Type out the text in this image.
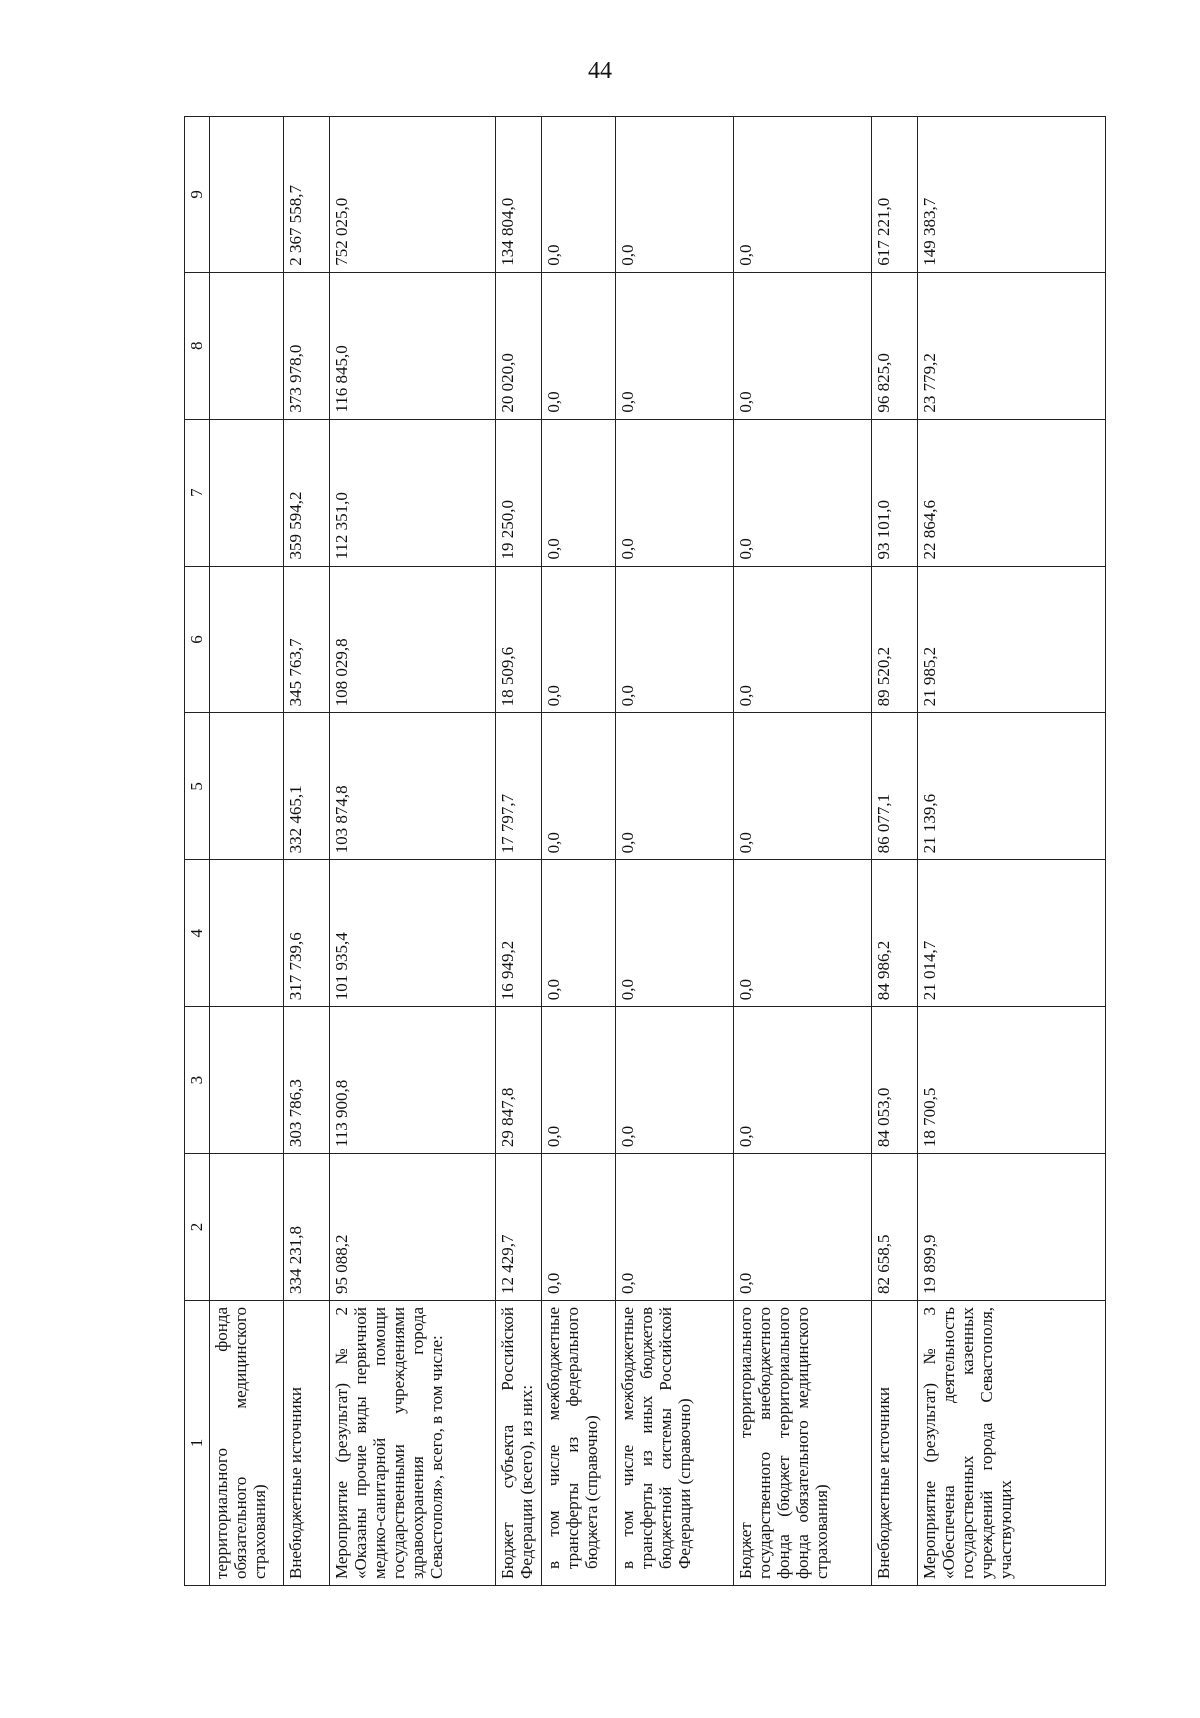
44
1	2	3	4	5	6	7	8	9
территориального фонда обязательного медицинского страхования)								
Внебюджетные источники	334 231,8	303 786,3	317 739,6	332 465,1	345 763,7	359 594,2	373 978,0	2 367 558,7
Мероприятие (результат) № 2 «Оказаны прочие виды первичной медико-санитарной помощи государственными учреждениями здравоохранения города Севастополя», всего, в том числе:	95 088,2	113 900,8	101 935,4	103 874,8	108 029,8	112 351,0	116 845,0	752 025,0
Бюджет субъекта Российской Федерации (всего), из них:	12 429,7	29 847,8	16 949,2	17 797,7	18 509,6	19 250,0	20 020,0	134 804,0
в том числе межбюджетные трансферты из федерального бюджета (справочно)	0,0	0,0	0,0	0,0	0,0	0,0	0,0	0,0
в том числе межбюджетные трансферты из иных бюджетов бюджетной системы Российской Федерации (справочно)	0,0	0,0	0,0	0,0	0,0	0,0	0,0	0,0
Бюджет территориального государственного внебюджетного фонда (бюджет территориального фонда обязательного медицинского страхования)	0,0	0,0	0,0	0,0	0,0	0,0	0,0	0,0
Внебюджетные источники	82 658,5	84 053,0	84 986,2	86 077,1	89 520,2	93 101,0	96 825,0	617 221,0
Мероприятие (результат) № 3 «Обеспечена деятельность государственных казенных учреждений города Севастополя, участвующих	19 899,9	18 700,5	21 014,7	21 139,6	21 985,2	22 864,6	23 779,2	149 383,7
